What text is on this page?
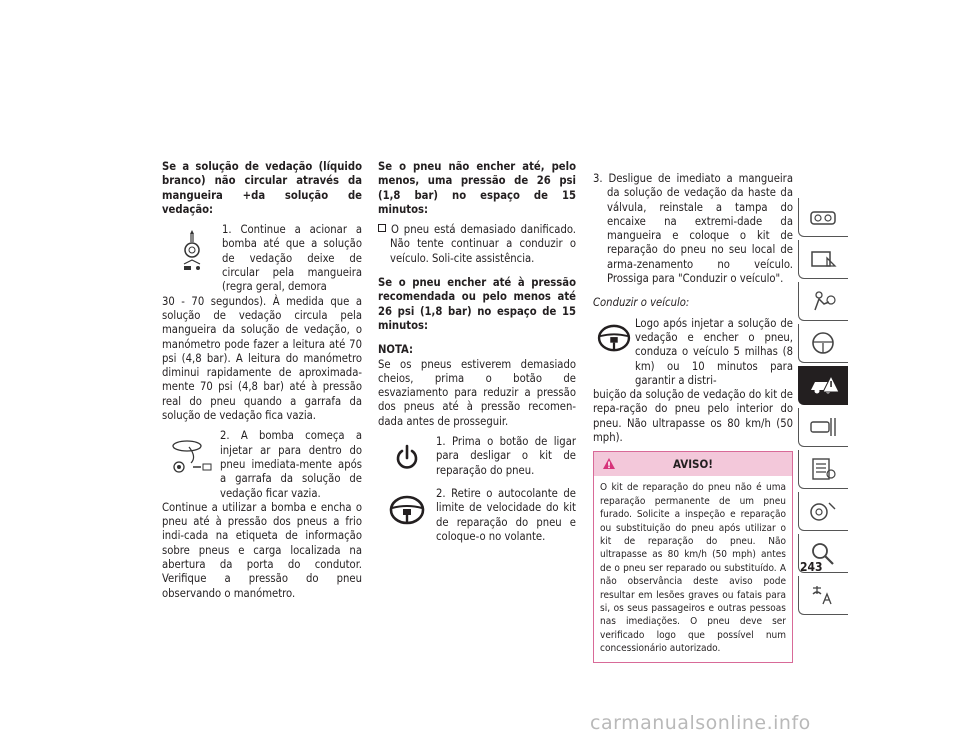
Se a solução de vedação (líquido branco) não circular através da mangueira +da solução de vedação:

1. Continue a acionar a bomba até que a solução de vedação deixe de circular pela mangueira (regra geral, demora

30 - 70 segundos). À medida que a solução de vedação circula pela mangueira da solução de vedação, o manómetro pode fazer a leitura até 70 psi (4,8 bar). A leitura do manómetro diminui rapidamente de aproximada-mente 70 psi (4,8 bar) até à pressão real do pneu quando a garrafa da solução de vedação fica vazia.

2. A bomba começa a injetar ar para dentro do pneu imediata-mente após a garrafa da solução de vedação ficar vazia.

Continue a utilizar a bomba e encha o pneu até à pressão dos pneus a frio indi-cada na etiqueta de informação sobre pneus e carga localizada na abertura da porta do condutor. Verifique a pressão do pneu observando o manómetro.

Se o pneu não encher até, pelo menos, uma pressão de 26 psi (1,8 bar) no espaço de 15 minutos:

O pneu está demasiado danificado. Não tente continuar a conduzir o veículo. Soli-cite assistência.

Se o pneu encher até à pressão recomendada ou pelo menos até 26 psi (1,8 bar) no espaço de 15 minutos:

NOTA:

Se os pneus estiverem demasiado cheios, prima o botão de esvaziamento para reduzir a pressão dos pneus até à pressão recomen-dada antes de prosseguir.

1. Prima o botão de ligar para desligar o kit de reparação do pneu.

2. Retire o autocolante de limite de velocidade do kit de reparação do pneu e coloque-o no volante.

3. Desligue de imediato a mangueira da solução de vedação da haste da válvula, reinstale a tampa do encaixe na extremi-dade da mangueira e coloque o kit de reparação do pneu no seu local de arma-zenamento no veículo. Prossiga para "Conduzir o veículo".

Conduzir o veículo:

Logo após injetar a solução de vedação e encher o pneu, conduza o veículo 5 milhas (8 km) ou 10 minutos para garantir a distri-

buição da solução de vedação do kit de repa-ração do pneu pelo interior do pneu. Não ultrapasse os 80 km/h (50 mph).

AVISO!
O kit de reparação do pneu não é uma reparação permanente de um pneu furado. Solicite a inspeção e reparação ou substituição do pneu após utilizar o kit de reparação do pneu. Não ultrapasse as 80 km/h (50 mph) antes de o pneu ser reparado ou substituído. A não observância deste aviso pode resultar em lesões graves ou fatais para si, os seus passageiros e outras pessoas nas imediações. O pneu deve ser verificado logo que possível num concessionário autorizado.
243
carmanualsonline.info
